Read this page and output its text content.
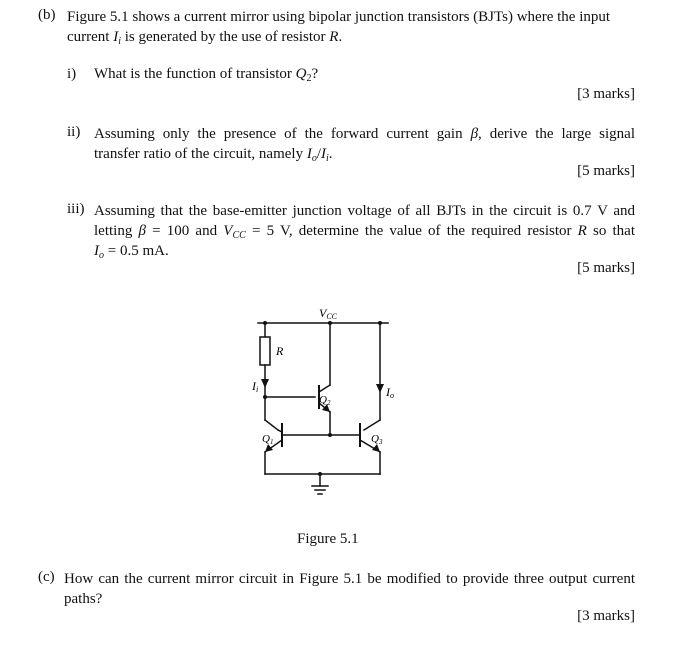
(b) Figure 5.1 shows a current mirror using bipolar junction transistors (BJTs) where the input
current $I_i$ is generated by the use of resistor R.
i) What is the function of transistor $Q_2$?
[3 marks]
ii) Assuming only the presence of the forward current gain β, derive the large signal
transfer ratio of the circuit, namely $I_o/I_i$.
[5 marks]
iii) Assuming that the base-emitter junction voltage of all BJTs in the circuit is 0.7 V and
letting β = 100 and $V_{CC} = 5$ V, determine the value of the required resistor R so that
$I_o = 0.5$ mA.
[5 marks]
VCC
R
Ii	Io
Q1
Q2
Q3
Figure 5.1
(c) How can the current mirror circuit in Figure 5.1 be modified to provide three output current
paths?
[3 marks]
